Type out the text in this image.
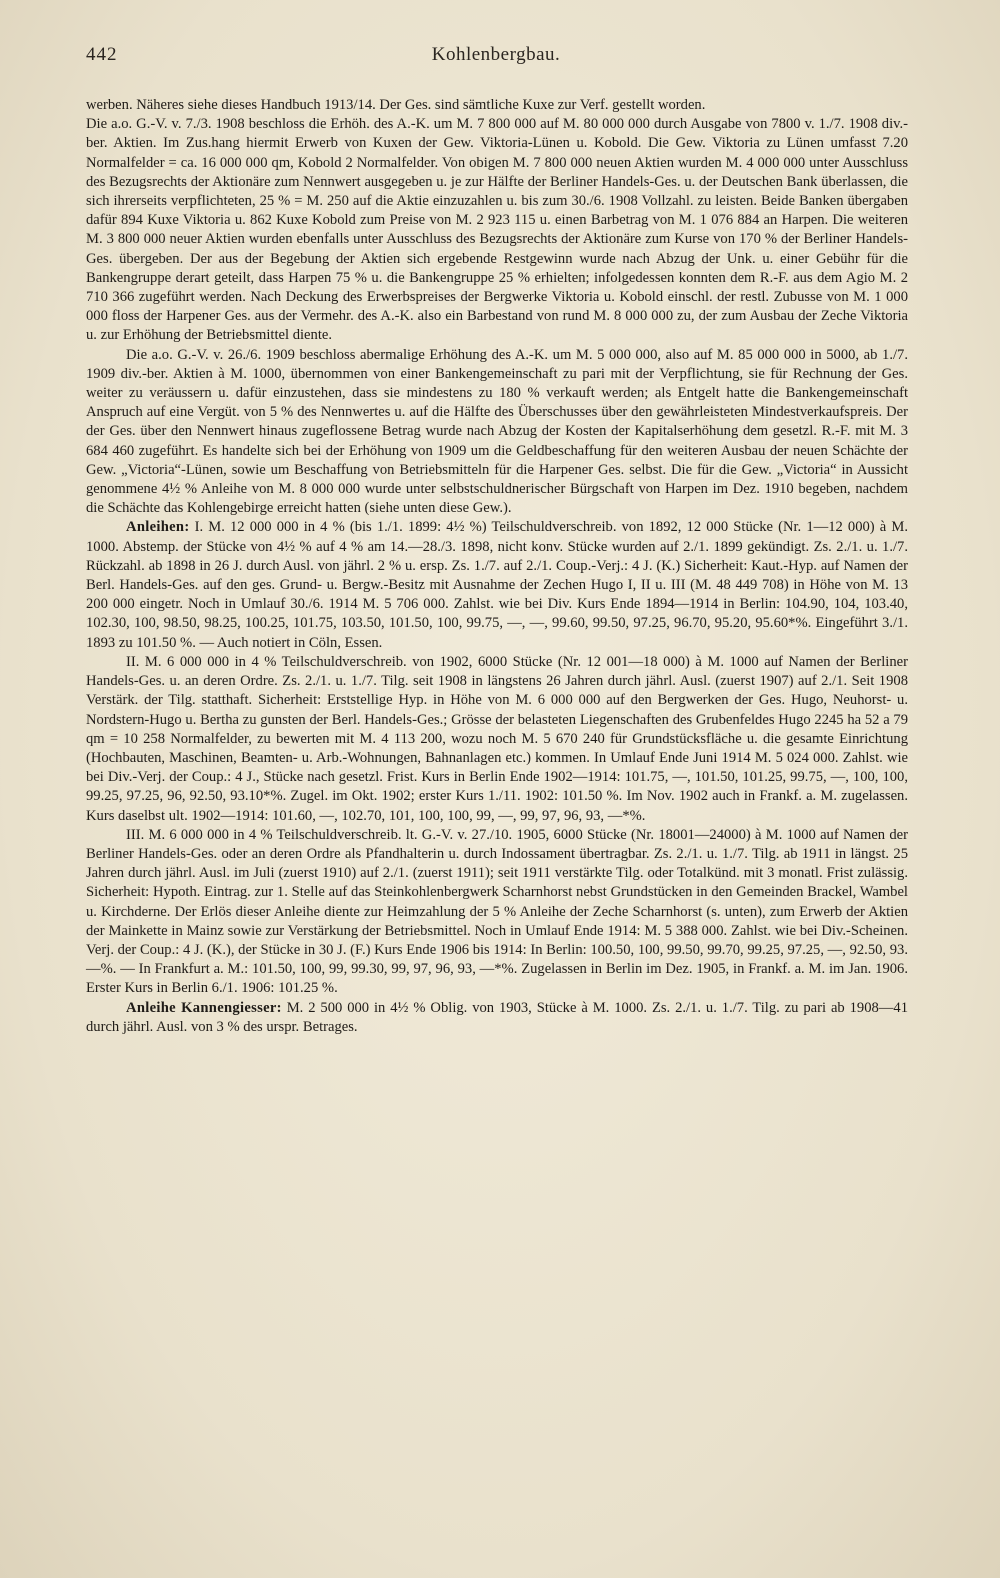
442	Kohlenbergbau.

werben. Näheres siehe dieses Handbuch 1913/14. Der Ges. sind sämtliche Kuxe zur Verf. gestellt worden.

Die a.o. G.-V. v. 7./3. 1908 beschloss die Erhöh. des A.-K. um M. 7 800 000 auf M. 80 000 000 durch Ausgabe von 7800 v. 1./7. 1908 div.-ber. Aktien. Im Zus.hang hiermit Erwerb von Kuxen der Gew. Viktoria-Lünen u. Kobold. Die Gew. Viktoria zu Lünen umfasst 7.20 Normalfelder = ca. 16 000 000 qm, Kobold 2 Normalfelder. Von obigen M. 7 800 000 neuen Aktien wurden M. 4 000 000 unter Ausschluss des Bezugsrechts der Aktionäre zum Nennwert ausgegeben u. je zur Hälfte der Berliner Handels-Ges. u. der Deutschen Bank überlassen, die sich ihrerseits verpflichteten, 25 % = M. 250 auf die Aktie einzuzahlen u. bis zum 30./6. 1908 Vollzahl. zu leisten. Beide Banken übergaben dafür 894 Kuxe Viktoria u. 862 Kuxe Kobold zum Preise von M. 2 923 115 u. einen Barbetrag von M. 1 076 884 an Harpen. Die weiteren M. 3 800 000 neuer Aktien wurden ebenfalls unter Ausschluss des Bezugsrechts der Aktionäre zum Kurse von 170 % der Berliner Handels-Ges. übergeben. Der aus der Begebung der Aktien sich ergebende Restgewinn wurde nach Abzug der Unk. u. einer Gebühr für die Bankengruppe derart geteilt, dass Harpen 75 % u. die Bankengruppe 25 % erhielten; infolgedessen konnten dem R.-F. aus dem Agio M. 2 710 366 zugeführt werden. Nach Deckung des Erwerbspreises der Bergwerke Viktoria u. Kobold einschl. der restl. Zubusse von M. 1 000 000 floss der Harpener Ges. aus der Vermehr. des A.-K. also ein Barbestand von rund M. 8 000 000 zu, der zum Ausbau der Zeche Viktoria u. zur Erhöhung der Betriebsmittel diente.

Die a.o. G.-V. v. 26./6. 1909 beschloss abermalige Erhöhung des A.-K. um M. 5 000 000, also auf M. 85 000 000 in 5000, ab 1./7. 1909 div.-ber. Aktien à M. 1000, übernommen von einer Bankengemeinschaft zu pari mit der Verpflichtung, sie für Rechnung der Ges. weiter zu veräussern u. dafür einzustehen, dass sie mindestens zu 180 % verkauft werden; als Entgelt hatte die Bankengemeinschaft Anspruch auf eine Vergüt. von 5 % des Nennwertes u. auf die Hälfte des Überschusses über den gewährleisteten Mindestverkaufspreis. Der der Ges. über den Nennwert hinaus zugeflossene Betrag wurde nach Abzug der Kosten der Kapitalserhöhung dem gesetzl. R.-F. mit M. 3 684 460 zugeführt. Es handelte sich bei der Erhöhung von 1909 um die Geldbeschaffung für den weiteren Ausbau der neuen Schächte der Gew. „Victoria“-Lünen, sowie um Beschaffung von Betriebsmitteln für die Harpener Ges. selbst. Die für die Gew. „Victoria“ in Aussicht genommene 4½ % Anleihe von M. 8 000 000 wurde unter selbstschuldnerischer Bürgschaft von Harpen im Dez. 1910 begeben, nachdem die Schächte das Kohlengebirge erreicht hatten (siehe unten diese Gew.).

Anleihen: I. M. 12 000 000 in 4 % (bis 1./1. 1899: 4½ %) Teilschuldverschreib. von 1892, 12 000 Stücke (Nr. 1—12 000) à M. 1000. Abstemp. der Stücke von 4½ % auf 4 % am 14.—28./3. 1898, nicht konv. Stücke wurden auf 2./1. 1899 gekündigt. Zs. 2./1. u. 1./7. Rückzahl. ab 1898 in 26 J. durch Ausl. von jährl. 2 % u. ersp. Zs. 1./7. auf 2./1. Coup.-Verj.: 4 J. (K.) Sicherheit: Kaut.-Hyp. auf Namen der Berl. Handels-Ges. auf den ges. Grund- u. Bergw.-Besitz mit Ausnahme der Zechen Hugo I, II u. III (M. 48 449 708) in Höhe von M. 13 200 000 eingetr. Noch in Umlauf 30./6. 1914 M. 5 706 000. Zahlst. wie bei Div. Kurs Ende 1894—1914 in Berlin: 104.90, 104, 103.40, 102.30, 100, 98.50, 98.25, 100.25, 101.75, 103.50, 101.50, 100, 99.75, —, —, 99.60, 99.50, 97.25, 96.70, 95.20, 95.60*%. Eingeführt 3./1. 1893 zu 101.50 %. — Auch notiert in Cöln, Essen.

II. M. 6 000 000 in 4 % Teilschuldverschreib. von 1902, 6000 Stücke (Nr. 12 001—18 000) à M. 1000 auf Namen der Berliner Handels-Ges. u. an deren Ordre. Zs. 2./1. u. 1./7. Tilg. seit 1908 in längstens 26 Jahren durch jährl. Ausl. (zuerst 1907) auf 2./1. Seit 1908 Verstärk. der Tilg. statthaft. Sicherheit: Erststellige Hyp. in Höhe von M. 6 000 000 auf den Bergwerken der Ges. Hugo, Neuhorst- u. Nordstern-Hugo u. Bertha zu gunsten der Berl. Handels-Ges.; Grösse der belasteten Liegenschaften des Grubenfeldes Hugo 2245 ha 52 a 79 qm = 10 258 Normalfelder, zu bewerten mit M. 4 113 200, wozu noch M. 5 670 240 für Grundstücksfläche u. die gesamte Einrichtung (Hochbauten, Maschinen, Beamten- u. Arb.-Wohnungen, Bahnanlagen etc.) kommen. In Umlauf Ende Juni 1914 M. 5 024 000. Zahlst. wie bei Div.-Verj. der Coup.: 4 J., Stücke nach gesetzl. Frist. Kurs in Berlin Ende 1902—1914: 101.75, —, 101.50, 101.25, 99.75, —, 100, 100, 99.25, 97.25, 96, 92.50, 93.10*%. Zugel. im Okt. 1902; erster Kurs 1./11. 1902: 101.50 %. Im Nov. 1902 auch in Frankf. a. M. zugelassen. Kurs daselbst ult. 1902—1914: 101.60, —, 102.70, 101, 100, 100, 99, —, 99, 97, 96, 93, —*%.

III. M. 6 000 000 in 4 % Teilschuldverschreib. lt. G.-V. v. 27./10. 1905, 6000 Stücke (Nr. 18001—24000) à M. 1000 auf Namen der Berliner Handels-Ges. oder an deren Ordre als Pfandhalterin u. durch Indossament übertragbar. Zs. 2./1. u. 1./7. Tilg. ab 1911 in längst. 25 Jahren durch jährl. Ausl. im Juli (zuerst 1910) auf 2./1. (zuerst 1911); seit 1911 verstärkte Tilg. oder Totalkünd. mit 3 monatl. Frist zulässig. Sicherheit: Hypoth. Eintrag. zur 1. Stelle auf das Steinkohlenbergwerk Scharnhorst nebst Grundstücken in den Gemeinden Brackel, Wambel u. Kirchderne. Der Erlös dieser Anleihe diente zur Heimzahlung der 5 % Anleihe der Zeche Scharnhorst (s. unten), zum Erwerb der Aktien der Mainkette in Mainz sowie zur Verstärkung der Betriebsmittel. Noch in Umlauf Ende 1914: M. 5 388 000. Zahlst. wie bei Div.-Scheinen. Verj. der Coup.: 4 J. (K.), der Stücke in 30 J. (F.) Kurs Ende 1906 bis 1914: In Berlin: 100.50, 100, 99.50, 99.70, 99.25, 97.25, —, 92.50, 93.—%. — In Frankfurt a. M.: 101.50, 100, 99, 99.30, 99, 97, 96, 93, —*%. Zugelassen in Berlin im Dez. 1905, in Frankf. a. M. im Jan. 1906. Erster Kurs in Berlin 6./1. 1906: 101.25 %.

Anleihe Kannengiesser: M. 2 500 000 in 4½ % Oblig. von 1903, Stücke à M. 1000. Zs. 2./1. u. 1./7. Tilg. zu pari ab 1908—41 durch jährl. Ausl. von 3 % des urspr. Betrages.
